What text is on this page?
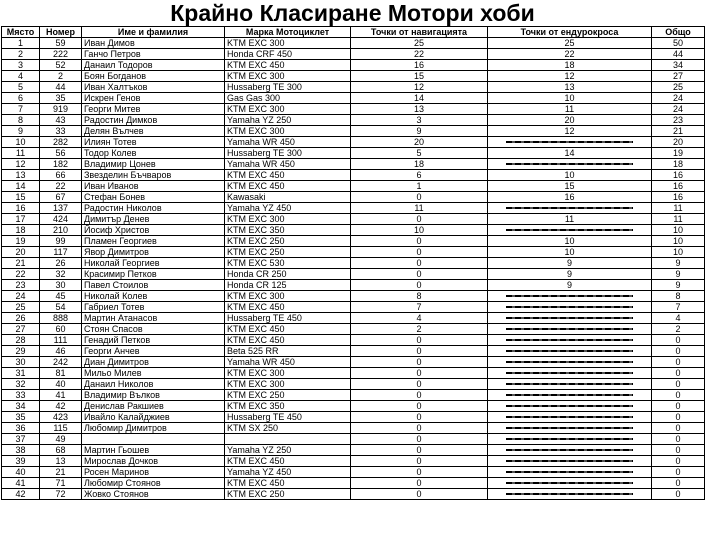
Крайно Класиране Мотори хоби
Място	Номер	Име и фамилия	Марка Мотоциклет	Точки от навигацията	Точки от ендурокроса	Общо
1	59	Иван Димов	KTM EXC 300	25	25	50
2	222	Ганчо Петров	Honda CRF 450	22	22	44
3	52	Данаил Тодоров	KTM EXC 450	16	18	34
4	2	Боян Богданов	KTM EXC 300	15	12	27
5	44	Иван Халтъков	Hussaberg TE 300	12	13	25
6	35	Искрен Генов	Gas Gas 300	14	10	24
7	919	Георги Митев	KTM EXC 300	13	11	24
8	43	Радостин Димков	Yamaha YZ 250	3	20	23
9	33	Делян Вълчев	KTM EXC 300	9	12	21
10	282	Илиян Тотев	Yamaha WR 450	20		20
11	56	Тодор Колев	Hussaberg TE 300	5	14	19
12	182	Владимир Цонев	Yamaha WR 450	18		18
13	66	Звезделин Бъчваров	KTM EXC 450	6	10	16
14	22	Иван Иванов	KTM EXC 450	1	15	16
15	67	Стефан Бонев	Kawasaki	0	16	16
16	137	Радостин Николов	Yamaha YZ 450	11		11
17	424	Димитър Денев	KTM EXC 300	0	11	11
18	210	Йосиф Христов	KTM EXC 350	10		10
19	99	Пламен Георгиев	KTM EXC 250	0	10	10
20	117	Явор Димитров	KTM EXC 250	0	10	10
21	26	Николай Георгиев	KTM EXC 530	0	9	9
22	32	Красимир Петков	Honda CR 250	0	9	9
23	30	Павел Стоилов	Honda CR 125	0	9	9
24	45	Николай Колев	KTM EXC 300	8		8
25	54	Габриел Тотев	KTM EXC 450	7		7
26	888	Мартин Атанасов	Hussaberg TE 450	4		4
27	60	Стоян Спасов	KTM EXC 450	2		2
28	111	Генадий Петков	KTM EXC 450	0		0
29	46	Георги Анчев	Beta 525 RR	0		0
30	242	Диан Димитров	Yamaha WR 450	0		0
31	81	Мильо Милев	KTM EXC 300	0		0
32	40	Данаил Николов	KTM EXC 300	0		0
33	41	Владимир Вълков	KTM EXC 250	0		0
34	42	Денислав Ракшиев	KTM EXC 350	0		0
35	423	Ивайло Калайджиев	Hussaberg TE 450	0		0
36	115	Любомир Димитров	KTM SX 250	0		0
37	49			0		0
38	68	Мартин Гьошев	Yamaha YZ 250	0		0
39	13	Мирослав Дочков	KTM EXC 450	0		0
40	21	Росен Маринов	Yamaha YZ 450	0		0
41	71	Любомир Стоянов	KTM EXC 450	0		0
42	72	Жовко Стоянов	KTM EXC 250	0		0
